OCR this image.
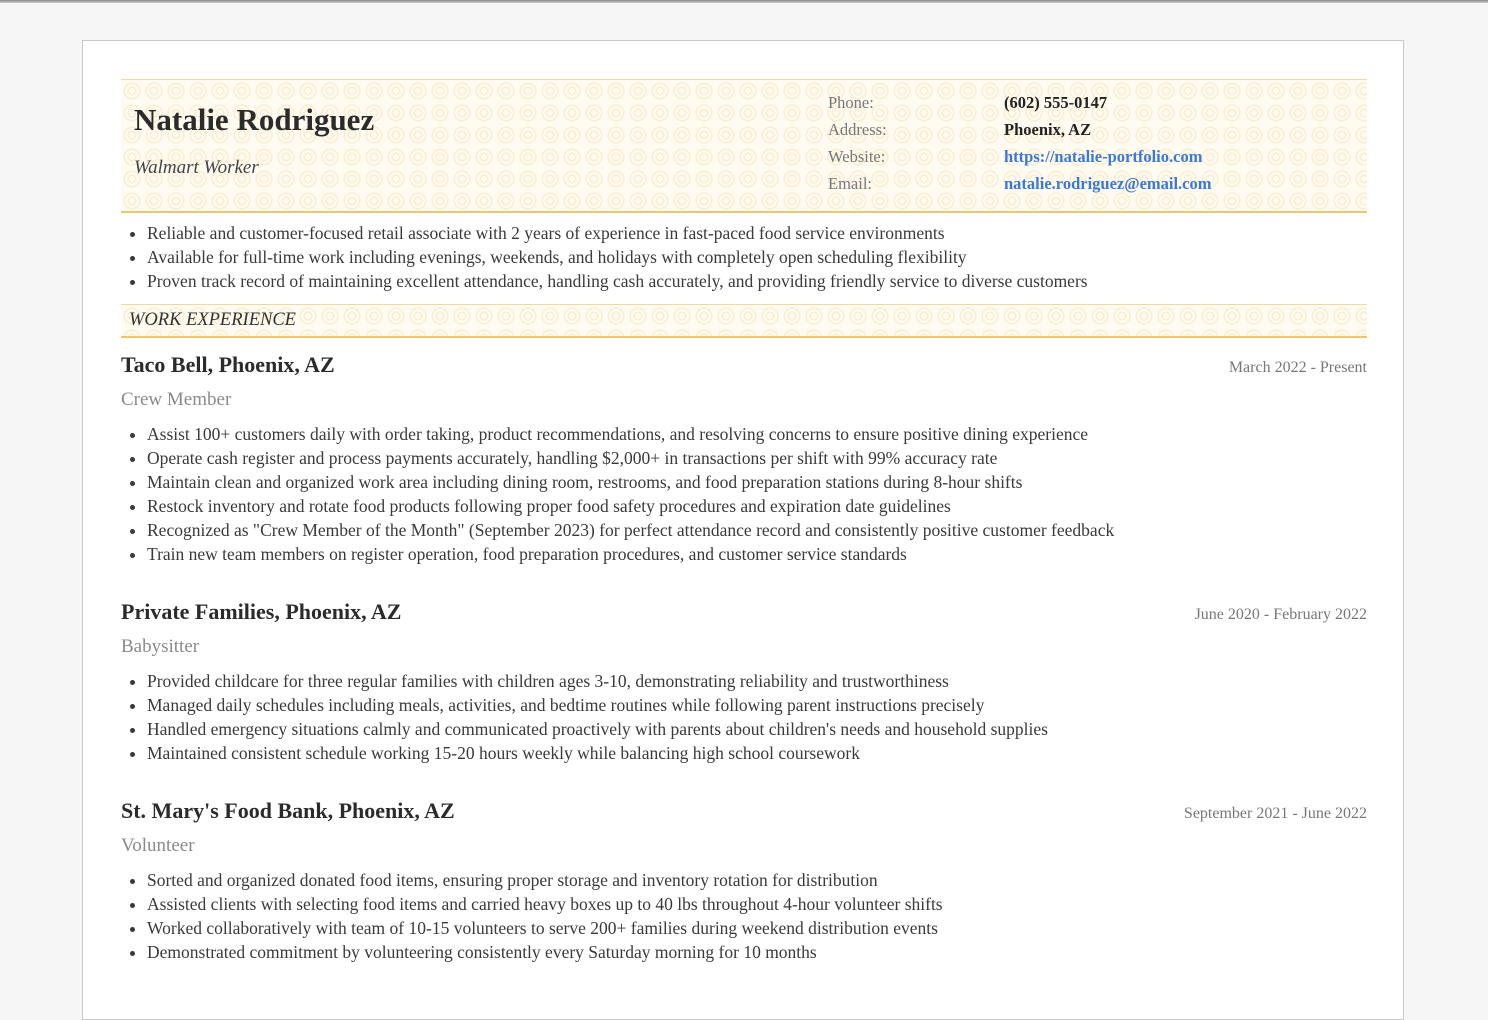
Natalie Rodriguez
Walmart Worker
Phone:	(602) 555-0147
Address:	Phoenix, AZ
Website:	https://natalie-portfolio.com
Email:	natalie.rodriguez@email.com
• Reliable and customer-focused retail associate with 2 years of experience in fast-paced food service environments
• Available for full-time work including evenings, weekends, and holidays with completely open scheduling flexibility
• Proven track record of maintaining excellent attendance, handling cash accurately, and providing friendly service to diverse customers
WORK EXPERIENCE
Taco Bell, Phoenix, AZ	March 2022 - Present
Crew Member
• Assist 100+ customers daily with order taking, product recommendations, and resolving concerns to ensure positive dining experience
• Operate cash register and process payments accurately, handling $2,000+ in transactions per shift with 99% accuracy rate
• Maintain clean and organized work area including dining room, restrooms, and food preparation stations during 8-hour shifts
• Restock inventory and rotate food products following proper food safety procedures and expiration date guidelines
• Recognized as "Crew Member of the Month" (September 2023) for perfect attendance record and consistently positive customer feedback
• Train new team members on register operation, food preparation procedures, and customer service standards
Private Families, Phoenix, AZ	June 2020 - February 2022
Babysitter
• Provided childcare for three regular families with children ages 3-10, demonstrating reliability and trustworthiness
• Managed daily schedules including meals, activities, and bedtime routines while following parent instructions precisely
• Handled emergency situations calmly and communicated proactively with parents about children's needs and household supplies
• Maintained consistent schedule working 15-20 hours weekly while balancing high school coursework
St. Mary's Food Bank, Phoenix, AZ	September 2021 - June 2022
Volunteer
• Sorted and organized donated food items, ensuring proper storage and inventory rotation for distribution
• Assisted clients with selecting food items and carried heavy boxes up to 40 lbs throughout 4-hour volunteer shifts
• Worked collaboratively with team of 10-15 volunteers to serve 200+ families during weekend distribution events
• Demonstrated commitment by volunteering consistently every Saturday morning for 10 months
